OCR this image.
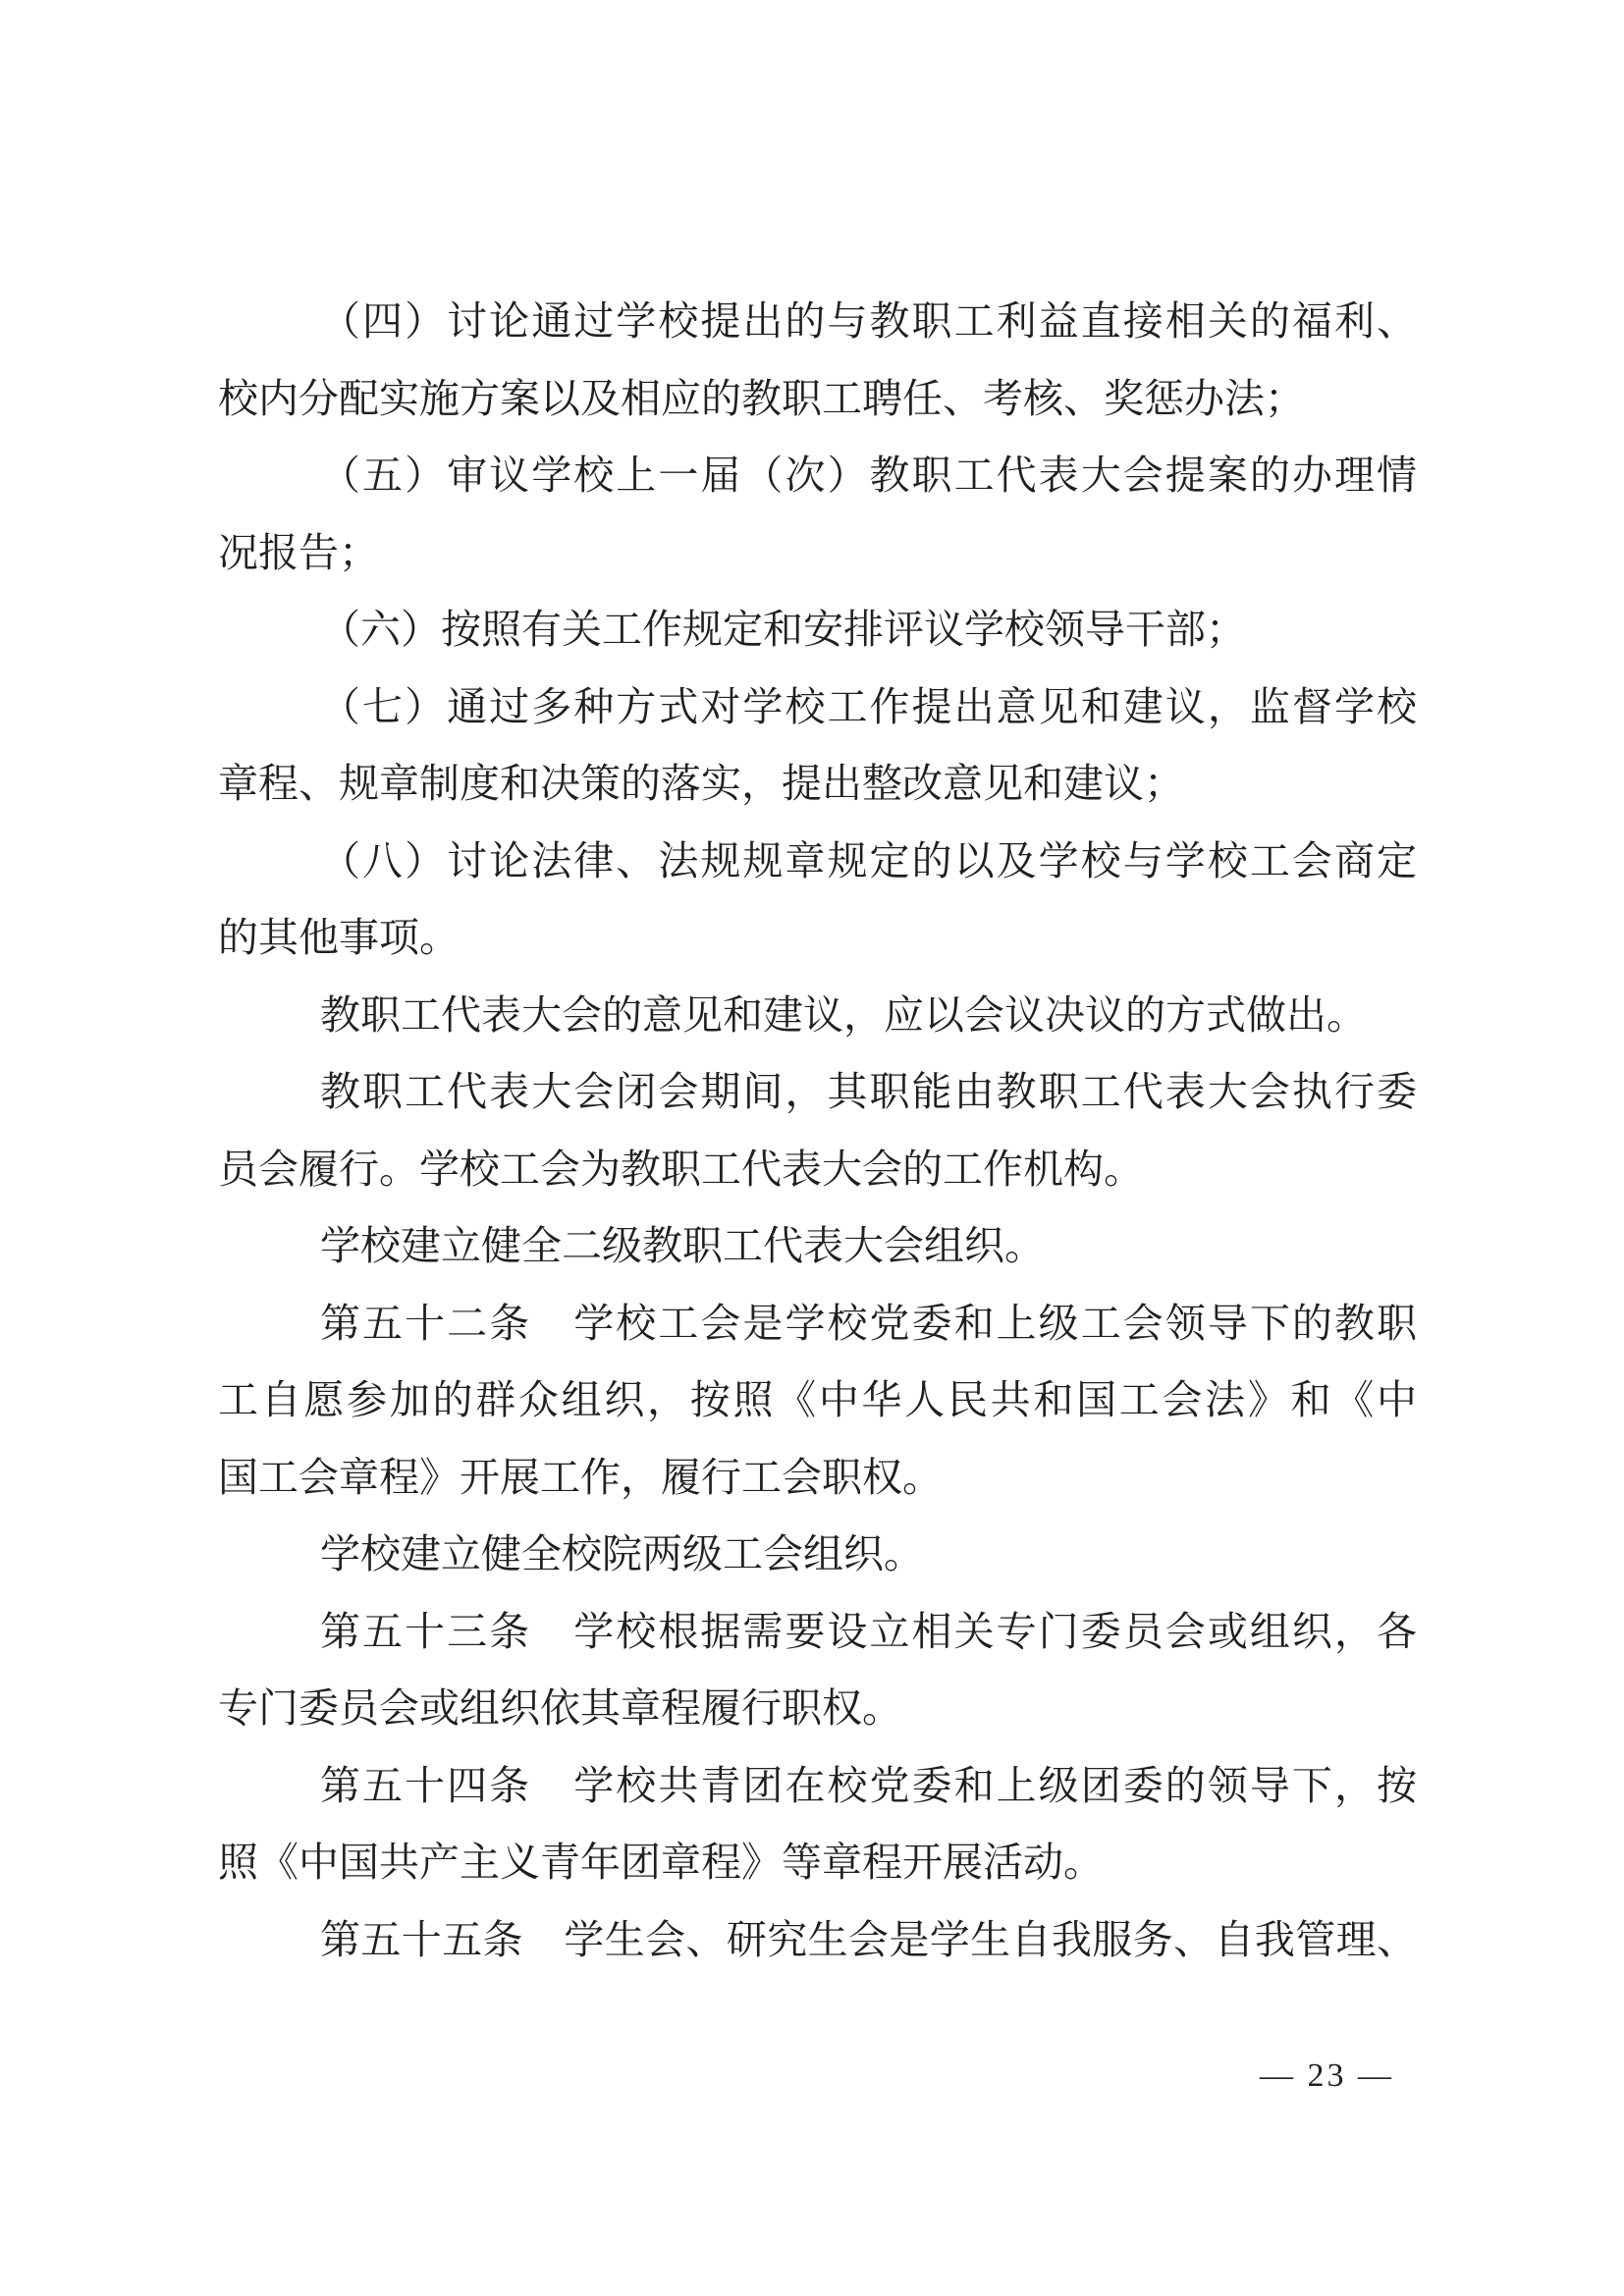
（四）讨论通过学校提出的与教职工利益直接相关的福利、
校内分配实施方案以及相应的教职工聘任、考核、奖惩办法；
（五）审议学校上一届（次）教职工代表大会提案的办理情
况报告；
（六）按照有关工作规定和安排评议学校领导干部；
（七）通过多种方式对学校工作提出意见和建议，监督学校
章程、规章制度和决策的落实，提出整改意见和建议；
（八）讨论法律、法规规章规定的以及学校与学校工会商定
的其他事项。
教职工代表大会的意见和建议，应以会议决议的方式做出。
教职工代表大会闭会期间，其职能由教职工代表大会执行委
员会履行。学校工会为教职工代表大会的工作机构。
学校建立健全二级教职工代表大会组织。
第五十二条　学校工会是学校党委和上级工会领导下的教职
工自愿参加的群众组织，按照《中华人民共和国工会法》和《中
国工会章程》开展工作，履行工会职权。
学校建立健全校院两级工会组织。
第五十三条　学校根据需要设立相关专门委员会或组织，各
专门委员会或组织依其章程履行职权。
第五十四条　学校共青团在校党委和上级团委的领导下，按
照《中国共产主义青年团章程》等章程开展活动。
第五十五条　学生会、研究生会是学生自我服务、自我管理、
— 23 —
